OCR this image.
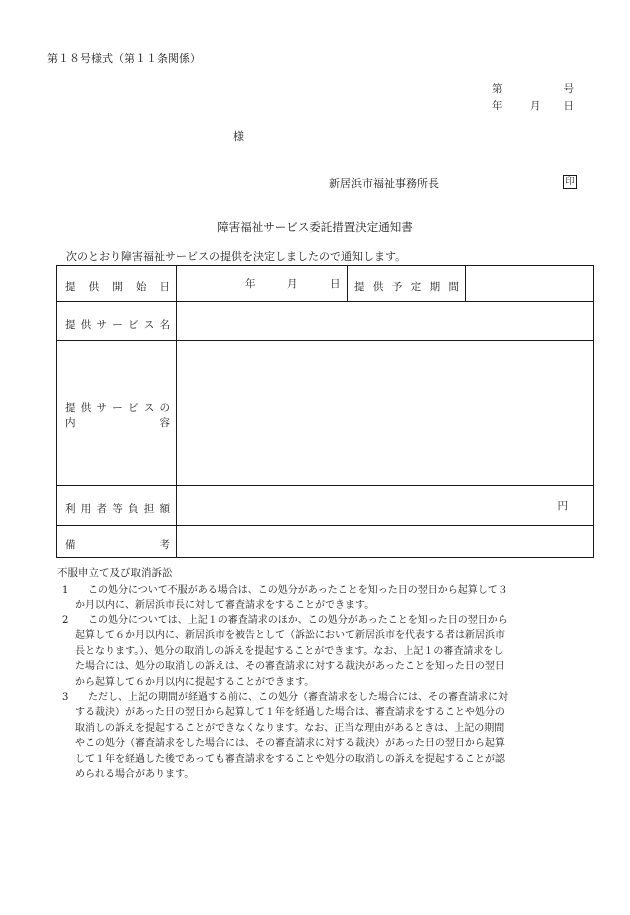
第１８号様式（第１１条関係）
第	号
年	月 日
様
新居浜市福祉事務所長	印
障害福祉サービス委託措置決定通知書
次のとおり障害福祉サービスの提供を決定しましたので通知します。
提供開始日	年	月	日 提供予定期間
提供サービス名
提供サービスの
内	容
利用者等負担額	円
備	考
不服申立て及び取消訴訟
1 この処分について不服がある場合は、この処分があったことを知った日の翌日から起算して３
か月以内に、新居浜市長に対して審査請求をすることができます。
2 この処分については、上記１の審査請求のほか、この処分があったことを知った日の翌日から
起算して６か月以内に、新居浜市を被告として（訴訟において新居浜市を代表する者は新居浜市
長となります。）、処分の取消しの訴えを提起することができます。なお、上記１の審査請求をし
た場合には、処分の取消しの訴えは、その審査請求に対する裁決があったことを知った日の翌日
から起算して６か月以内に提起することができます。
3 ただし、上記の期間が経過する前に、この処分（審査請求をした場合には、その審査請求に対
する裁決）があった日の翌日から起算して１年を経過した場合は、審査請求をすることや処分の
取消しの訴えを提起することができなくなります。なお、正当な理由があるときは、上記の期間
やこの処分（審査請求をした場合には、その審査請求に対する裁決）があった日の翌日から起算
して１年を経過した後であっても審査請求をすることや処分の取消しの訴えを提起することが認
められる場合があります。
